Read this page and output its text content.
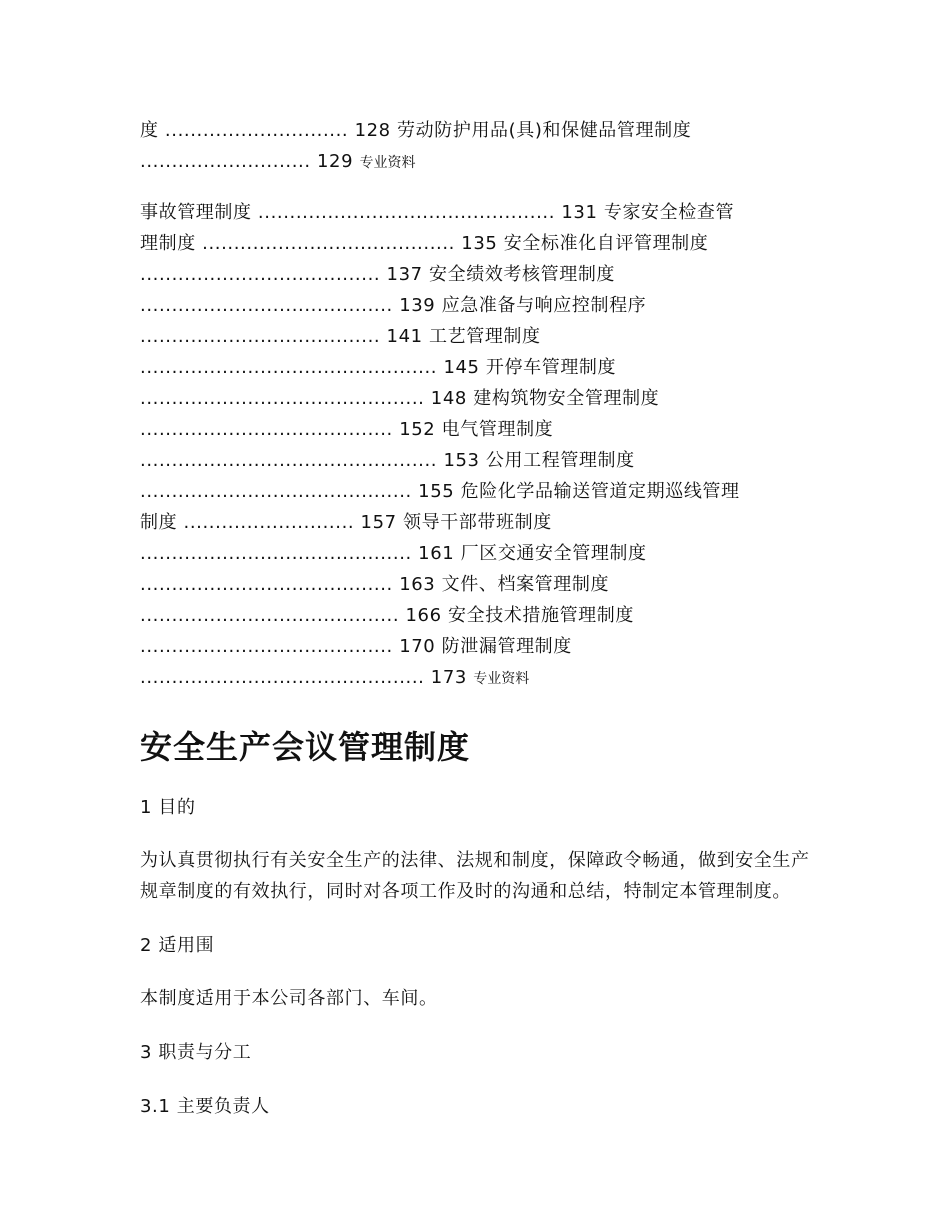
度 ............................. 128 劳动防护用品(具)和保健品管理制度
........................... 129 专业资料
事故管理制度 ............................................... 131 专家安全检查管
理制度 ........................................ 135 安全标准化自评管理制度
...................................... 137 安全绩效考核管理制度
........................................ 139 应急准备与响应控制程序
...................................... 141 工艺管理制度
............................................... 145 开停车管理制度
............................................. 148 建构筑物安全管理制度
........................................ 152 电气管理制度
............................................... 153 公用工程管理制度
........................................... 155 危险化学品输送管道定期巡线管理
制度 ........................... 157 领导干部带班制度
........................................... 161 厂区交通安全管理制度
........................................ 163 文件、档案管理制度
......................................... 166 安全技术措施管理制度
........................................ 170 防泄漏管理制度
............................................. 173 专业资料
安全生产会议管理制度
1 目的
为认真贯彻执行有关安全生产的法律、法规和制度，保障政令畅通，做到安全生产规章制度的有效执行，同时对各项工作及时的沟通和总结，特制定本管理制度。
2 适用围
本制度适用于本公司各部门、车间。
3 职责与分工
3.1 主要负责人
